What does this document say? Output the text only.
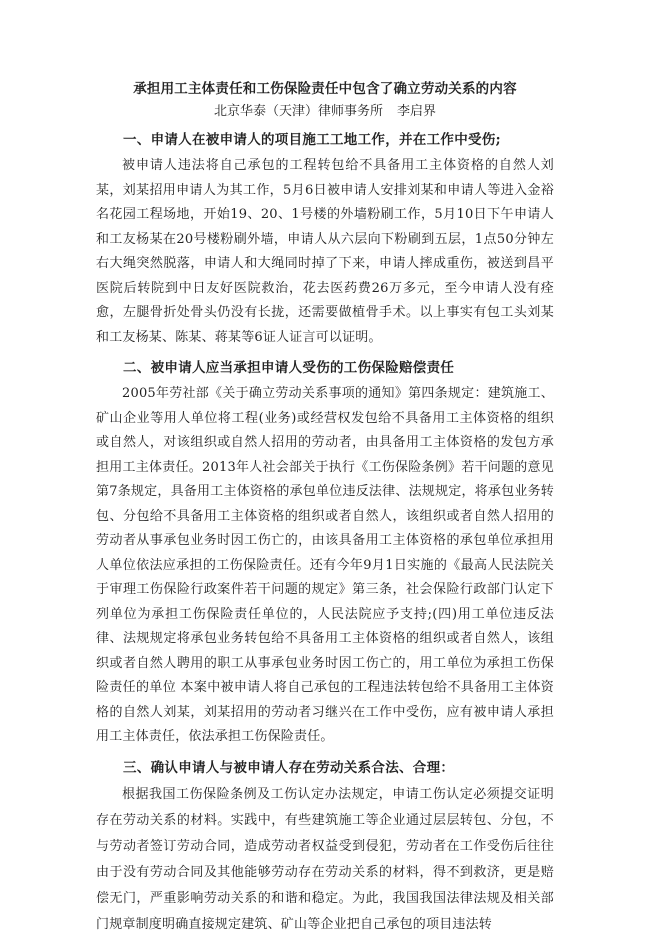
承担用工主体责任和工伤保险责任中包含了确立劳动关系的内容

北京华泰（天津）律师事务所 李启界

一、申请人在被申请人的项目施工工地工作，并在工作中受伤;

被申请人违法将自己承包的工程转包给不具备用工主体资格的自然人刘某，刘某招用申请人为其工作，5月6日被申请人安排刘某和申请人等进入金裕名花园工程场地，开始19、20、1号楼的外墙粉刷工作，5月10日下午申请人和工友杨某在20号楼粉刷外墙，申请人从六层向下粉刷到五层，1点50分钟左右大绳突然脱落，申请人和大绳同时掉了下来，申请人摔成重伤，被送到昌平医院后转院到中日友好医院救治，花去医药费26万多元，至今申请人没有痊愈，左腿骨折处骨头仍没有长拢，还需要做植骨手术。以上事实有包工头刘某和工友杨某、陈某、蒋某等6证人证言可以证明。

二、被申请人应当承担申请人受伤的工伤保险赔偿责任

2005年劳社部《关于确立劳动关系事项的通知》第四条规定：建筑施工、矿山企业等用人单位将工程(业务)或经营权发包给不具备用工主体资格的组织或自然人，对该组织或自然人招用的劳动者，由具备用工主体资格的发包方承担用工主体责任。2013年人社会部关于执行《工伤保险条例》若干问题的意见第7条规定，具备用工主体资格的承包单位违反法律、法规规定，将承包业务转包、分包给不具备用工主体资格的组织或者自然人，该组织或者自然人招用的劳动者从事承包业务时因工伤亡的，由该具备用工主体资格的承包单位承担用人单位依法应承担的工伤保险责任。还有今年9月1日实施的《最高人民法院关于审理工伤保险行政案件若干问题的规定》第三条，社会保险行政部门认定下列单位为承担工伤保险责任单位的，人民法院应予支持;(四)用工单位违反法律、法规规定将承包业务转包给不具备用工主体资格的组织或者自然人，该组织或者自然人聘用的职工从事承包业务时因工伤亡的，用工单位为承担工伤保险责任的单位 本案中被申请人将自己承包的工程违法转包给不具备用工主体资格的自然人刘某，刘某招用的劳动者习继兴在工作中受伤，应有被申请人承担用工主体责任，依法承担工伤保险责任。

三、确认申请人与被申请人存在劳动关系合法、合理：

根据我国工伤保险条例及工伤认定办法规定，申请工伤认定必须提交证明存在劳动关系的材料。实践中，有些建筑施工等企业通过层层转包、分包，不与劳动者签订劳动合同，造成劳动者权益受到侵犯，劳动者在工作受伤后往往由于没有劳动合同及其他能够劳动存在劳动关系的材料，得不到救济，更是赔偿无门，严重影响劳动关系的和谐和稳定。为此，我国我国法律法规及相关部门规章制度明确直接规定建筑、矿山等企业把自己承包的项目违法转
